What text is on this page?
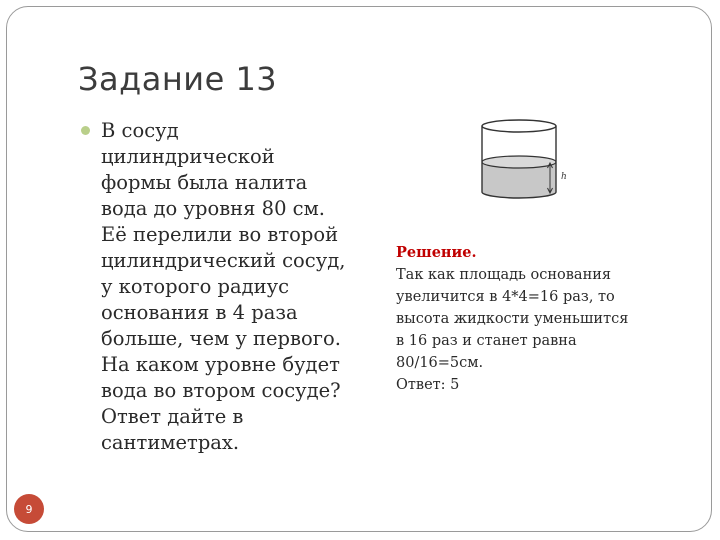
Задание 13
В сосуд
цилиндрической
формы была налита
вода до уровня 80 см.
Её перелили во второй
цилиндрический сосуд,
у которого радиус
основания в 4 раза
больше, чем у первого.
На каком уровне будет
вода во втором сосуде?
Ответ дайте в
сантиметрах.
h
Решение.
Так как площадь основания
увеличится в 4*4=16 раз, то
высота жидкости уменьшится
в 16 раз и станет равна
80/16=5см.
Ответ: 5
9
